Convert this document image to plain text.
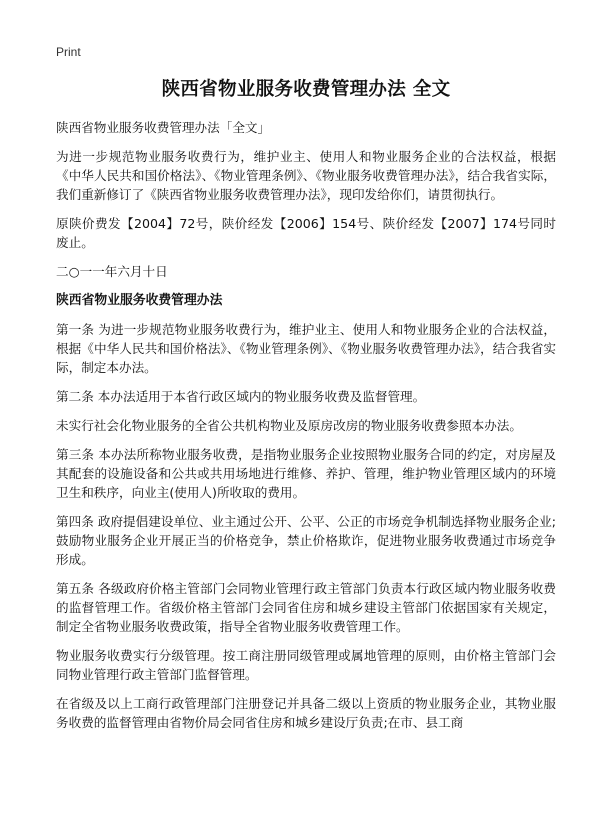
Print
陕西省物业服务收费管理办法 全文

陕西省物业服务收费管理办法「全文」

为进一步规范物业服务收费行为，维护业主、使用人和物业服务企业的合法权益，根据《中华人民共和国价格法》、《物业管理条例》、《物业服务收费管理办法》，结合我省实际，我们重新修订了《陕西省物业服务收费管理办法》，现印发给你们，请贯彻执行。

原陕价费发【2004】72号，陕价经发【2006】154号、陕价经发【2007】174号同时废止。

二○一一年六月十日

陕西省物业服务收费管理办法

第一条 为进一步规范物业服务收费行为，维护业主、使用人和物业服务企业的合法权益，根据《中华人民共和国价格法》、《物业管理条例》、《物业服务收费管理办法》，结合我省实际，制定本办法。

第二条 本办法适用于本省行政区域内的物业服务收费及监督管理。

未实行社会化物业服务的全省公共机构物业及原房改房的物业服务收费参照本办法。

第三条 本办法所称物业服务收费，是指物业服务企业按照物业服务合同的约定，对房屋及其配套的设施设备和公共或共用场地进行维修、养护、管理，维护物业管理区域内的环境卫生和秩序，向业主(使用人)所收取的费用。

第四条 政府提倡建设单位、业主通过公开、公平、公正的市场竞争机制选择物业服务企业;鼓励物业服务企业开展正当的价格竞争，禁止价格欺诈，促进物业服务收费通过市场竞争形成。

第五条 各级政府价格主管部门会同物业管理行政主管部门负责本行政区域内物业服务收费的监督管理工作。省级价格主管部门会同省住房和城乡建设主管部门依据国家有关规定，制定全省物业服务收费政策，指导全省物业服务收费管理工作。

物业服务收费实行分级管理。按工商注册同级管理或属地管理的原则，由价格主管部门会同物业管理行政主管部门监督管理。

在省级及以上工商行政管理部门注册登记并具备二级以上资质的物业服务企业，其物业服务收费的监督管理由省物价局会同省住房和城乡建设厅负责;在市、县工商
